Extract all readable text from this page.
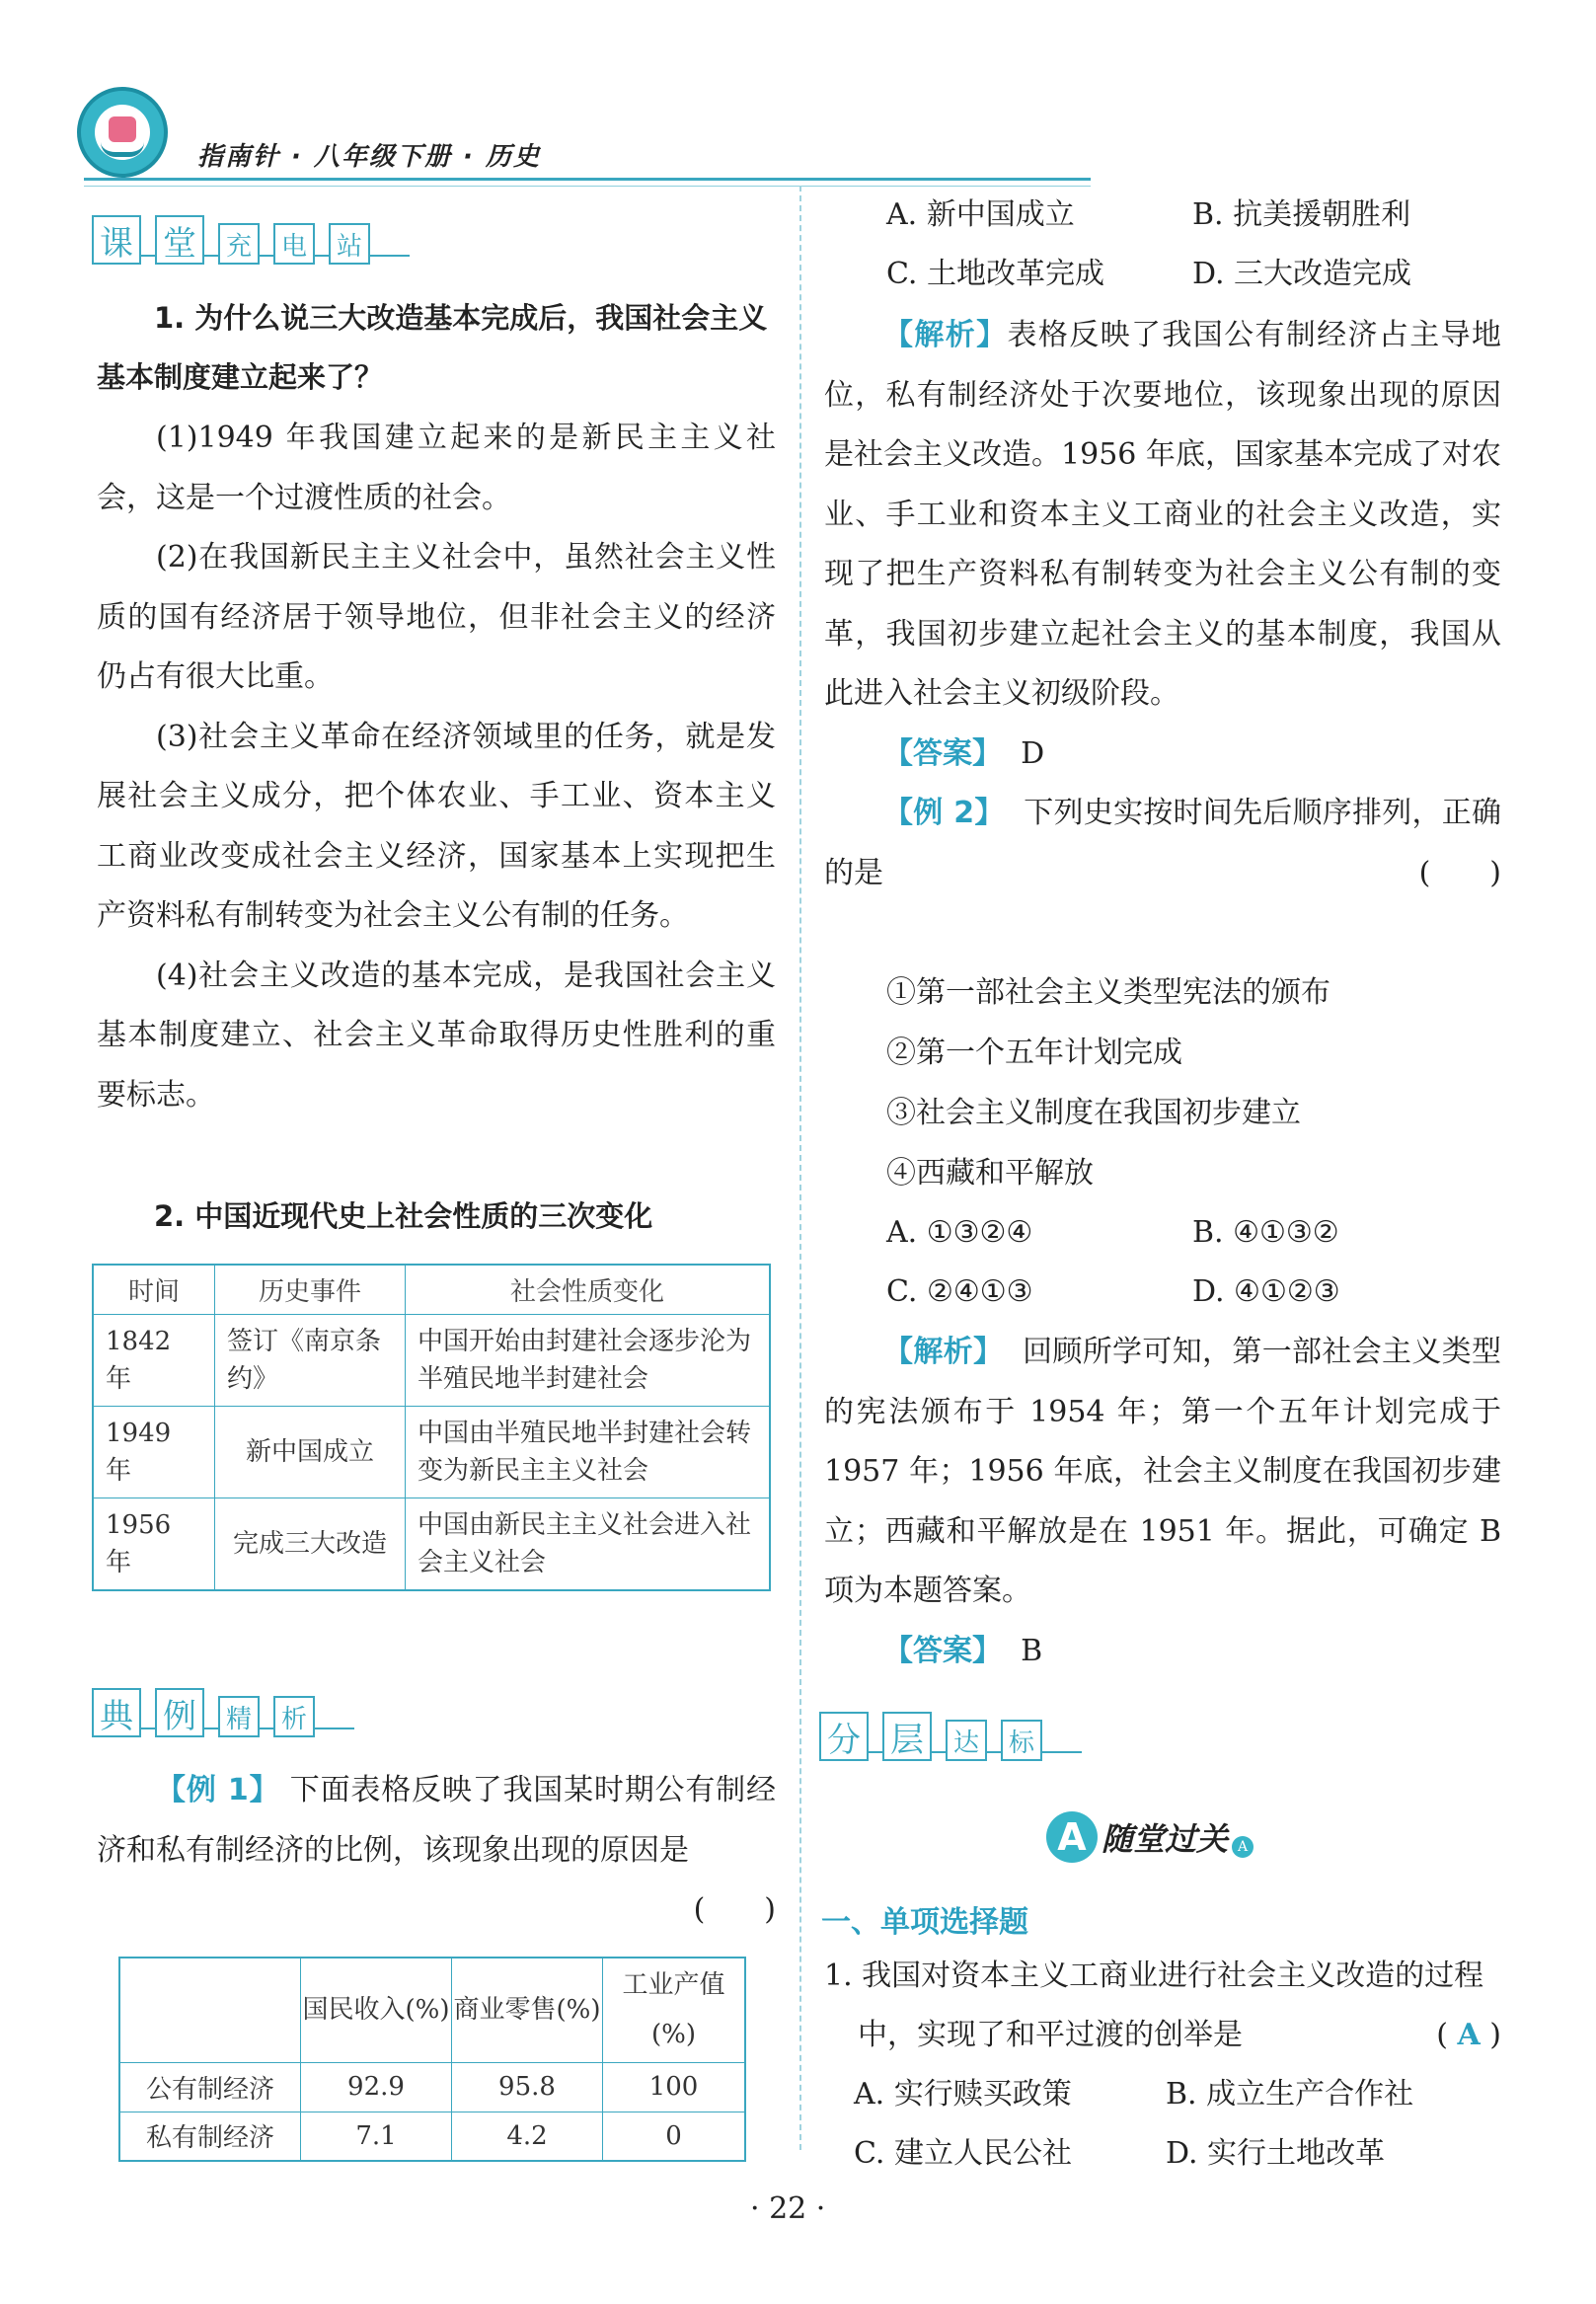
指南针 · 八年级下册 · 历史
课 堂	充	电	站
1. 为什么说三大改造基本完成后，我国社会主义基本制度建立起来了？

(1)1949 年我国建立起来的是新民主主义社会，这是一个过渡性质的社会。

(2)在我国新民主主义社会中，虽然社会主义性质的国有经济居于领导地位，但非社会主义的经济仍占有很大比重。

(3)社会主义革命在经济领域里的任务，就是发展社会主义成分，把个体农业、手工业、资本主义工商业改变成社会主义经济，国家基本上实现把生产资料私有制转变为社会主义公有制的任务。

(4)社会主义改造的基本完成，是我国社会主义基本制度建立、社会主义革命取得历史性胜利的重要标志。

2. 中国近现代史上社会性质的三次变化
时间	历史事件	社会性质变化
1842 年	签订《南京条约》	中国开始由封建社会逐步沦为半殖民地半封建社会
1949 年	新中国成立	中国由半殖民地半封建社会转变为新民主主义社会
1956 年	完成三大改造	中国由新民主主义社会进入社会主义社会
典 例	精	析

【例 1】 下面表格反映了我国某时期公有制经济和私有制经济的比例，该现象出现的原因是
(　　)

	国民收入(%)	商业零售(%)	工业产值(%)
公有制经济	92.9	95.8	100
私有制经济	7.1	4.2	0
A. 新中国成立	B. 抗美援朝胜利
C. 土地改革完成	D. 三大改造完成

【解析】表格反映了我国公有制经济占主导地位，私有制经济处于次要地位，该现象出现的原因是社会主义改造。1956 年底，国家基本完成了对农业、手工业和资本主义工商业的社会主义改造，实现了把生产资料私有制转变为社会主义公有制的变革，我国初步建立起社会主义的基本制度，我国从此进入社会主义初级阶段。

【答案】 D

【例 2】 下列史实按时间先后顺序排列，正确的是	(　　)

①第一部社会主义类型宪法的颁布
②第一个五年计划完成
③社会主义制度在我国初步建立
④西藏和平解放
A. ①③②④	B. ④①③②
C. ②④①③	D. ④①②③

【解析】 回顾所学可知，第一部社会主义类型的宪法颁布于 1954 年；第一个五年计划完成于 1957 年；1956 年底，社会主义制度在我国初步建立；西藏和平解放是在 1951 年。据此，可确定 B 项为本题答案。

【答案】 B

分 层	达	标
A 随堂过关 A
一、单项选择题
1. 我国对资本主义工商业进行社会主义改造的过程中，实现了和平过渡的创举是	( A )
A. 实行赎买政策	B. 成立生产合作社
C. 建立人民公社	D. 实行土地改革
· 22 ·
